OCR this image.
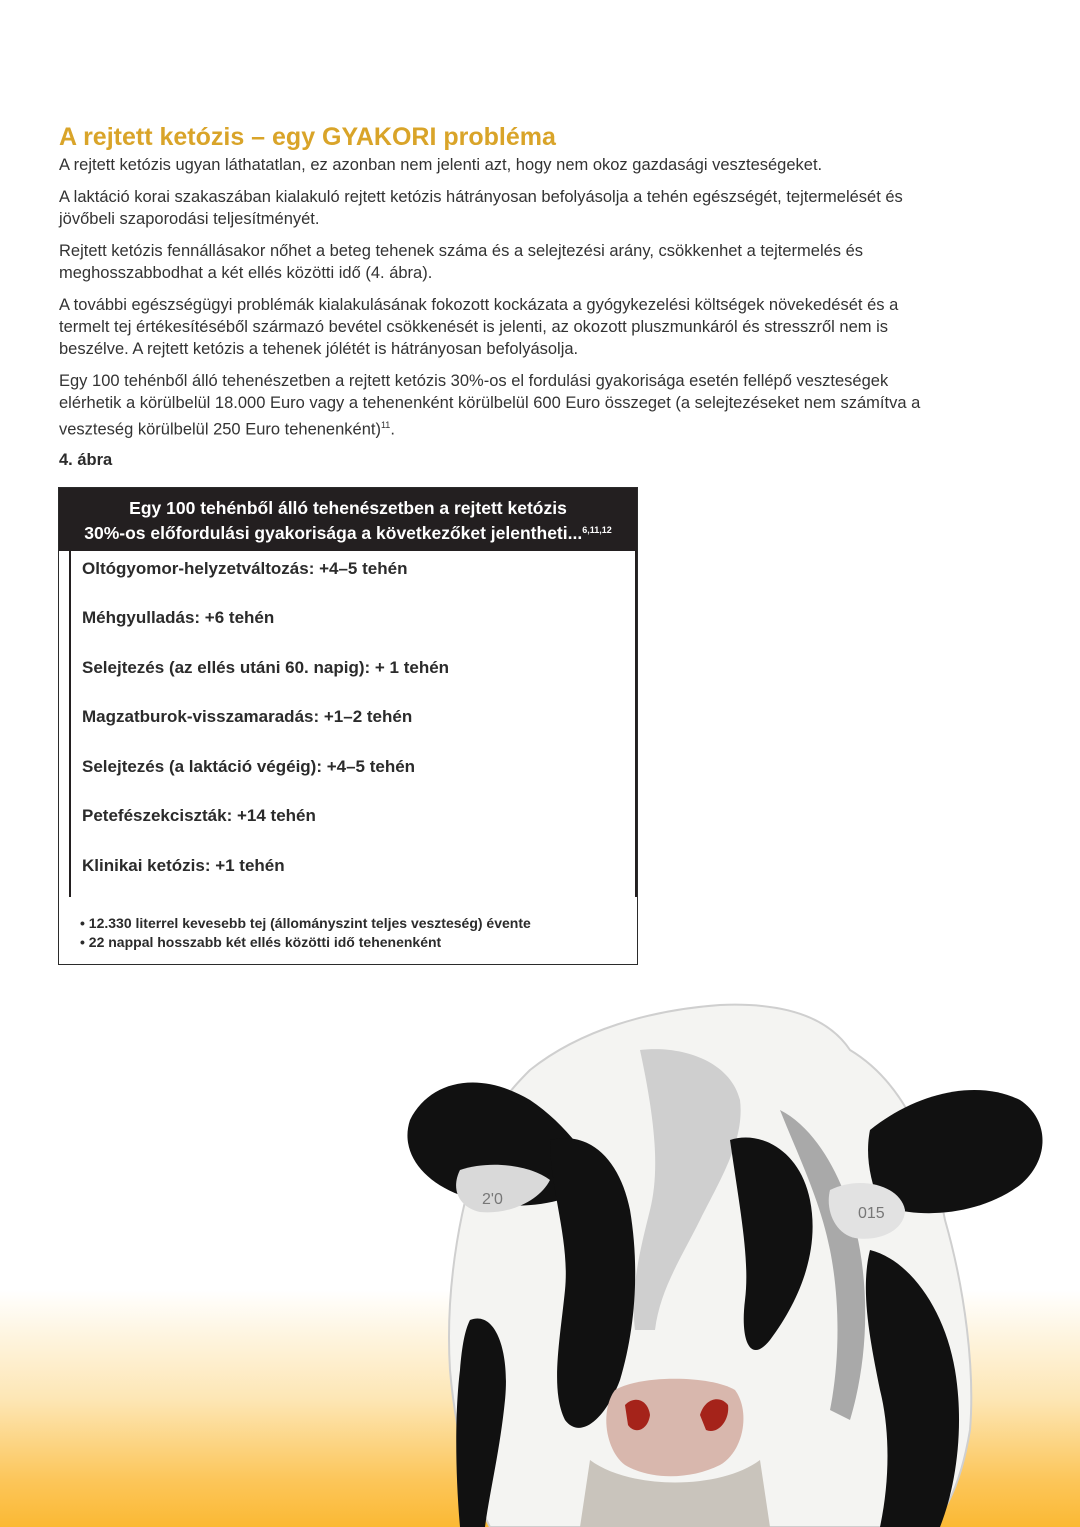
A rejtett ketózis – egy GYAKORI probléma

A rejtett ketózis ugyan láthatatlan, ez azonban nem jelenti azt, hogy nem okoz gazdasági veszteségeket.

A laktáció korai szakaszában kialakuló rejtett ketózis hátrányosan befolyásolja a tehén egészségét, tejtermelését és jövőbeli szaporodási teljesítményét.

Rejtett ketózis fennállásakor nőhet a beteg tehenek száma és a selejtezési arány, csökkenhet a tejtermelés és meghosszabbodhat a két ellés közötti idő (4. ábra).

A további egészségügyi problémák kialakulásának fokozott kockázata a gyógykezelési költségek növekedését és a termelt tej értékesítéséből származó bevétel csökkenését is jelenti, az okozott pluszmunkáról és stresszről nem is beszélve. A rejtett ketózis a tehenek jólétét is hátrányosan befolyásolja.

Egy 100 tehénből álló tehenészetben a rejtett ketózis 30%-os el fordulási gyakorisága esetén fellépő veszteségek elérhetik a körülbelül 18.000 Euro vagy a tehenenként körülbelül 600 Euro összeget (a selejtezéseket nem számítva a veszteség körülbelül 250 Euro tehenenként)$^{11}$.

4. ábra
Egy 100 tehénből álló tehenészetben a rejtett ketózis
30%-os előfordulási gyakorisága a következőket jelentheti...$^{6,11,12}$
Oltógyomor-helyzetváltozás: +4–5 tehén
Méhgyulladás: +6 tehén
Selejtezés (az ellés utáni 60. napig): + 1 tehén
Magzatburok-visszamaradás: +1–2 tehén
Selejtezés (a laktáció végéig): +4–5 tehén
Petefészekciszták: +14 tehén
Klinikai ketózis: +1 tehén
• 12.330 literrel kevesebb tej (állományszint teljes veszteség) évente
• 22 nappal hosszabb két ellés közötti idő tehenenként
2'0
015
